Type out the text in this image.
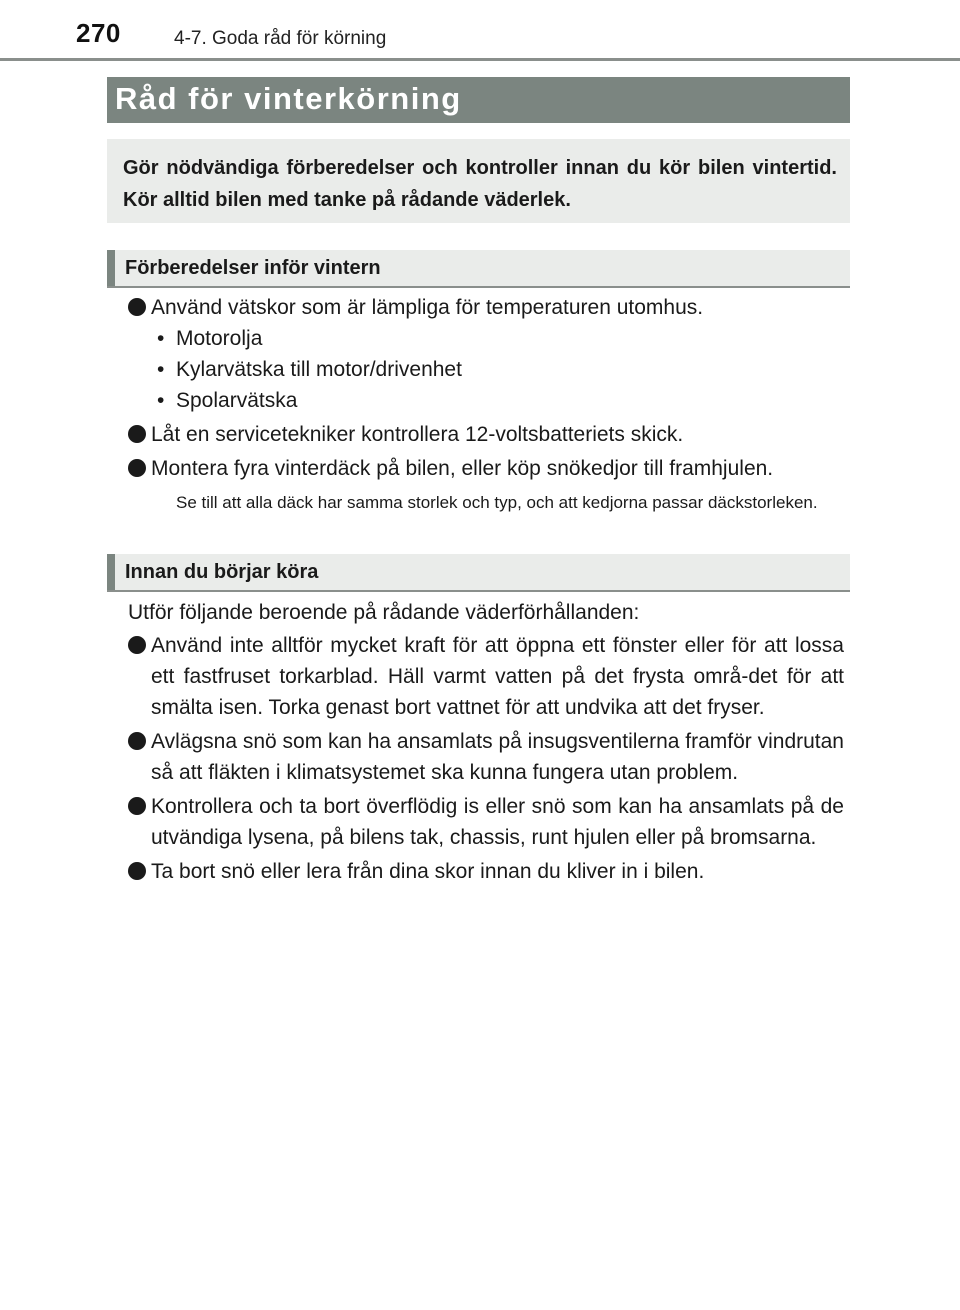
270	4-7. Goda råd för körning
Råd för vinterkörning
Gör nödvändiga förberedelser och kontroller innan du kör bilen vintertid. Kör alltid bilen med tanke på rådande väderlek.
Förberedelser inför vintern
Använd vätskor som är lämpliga för temperaturen utomhus.
• Motorolja
• Kylarvätska till motor/drivenhet
• Spolarvätska
Låt en servicetekniker kontrollera 12-voltsbatteriets skick.
Montera fyra vinterdäck på bilen, eller köp snökedjor till framhjulen.
Se till att alla däck har samma storlek och typ, och att kedjorna passar däckstorleken.
Innan du börjar köra
Utför följande beroende på rådande väderförhållanden:
Använd inte alltför mycket kraft för att öppna ett fönster eller för att lossa ett fastfruset torkarblad. Häll varmt vatten på det frysta områ-det för att smälta isen. Torka genast bort vattnet för att undvika att det fryser.
Avlägsna snö som kan ha ansamlats på insugsventilerna framför vindrutan så att fläkten i klimatsystemet ska kunna fungera utan problem.
Kontrollera och ta bort överflödig is eller snö som kan ha ansamlats på de utvändiga lysena, på bilens tak, chassis, runt hjulen eller på bromsarna.
Ta bort snö eller lera från dina skor innan du kliver in i bilen.
